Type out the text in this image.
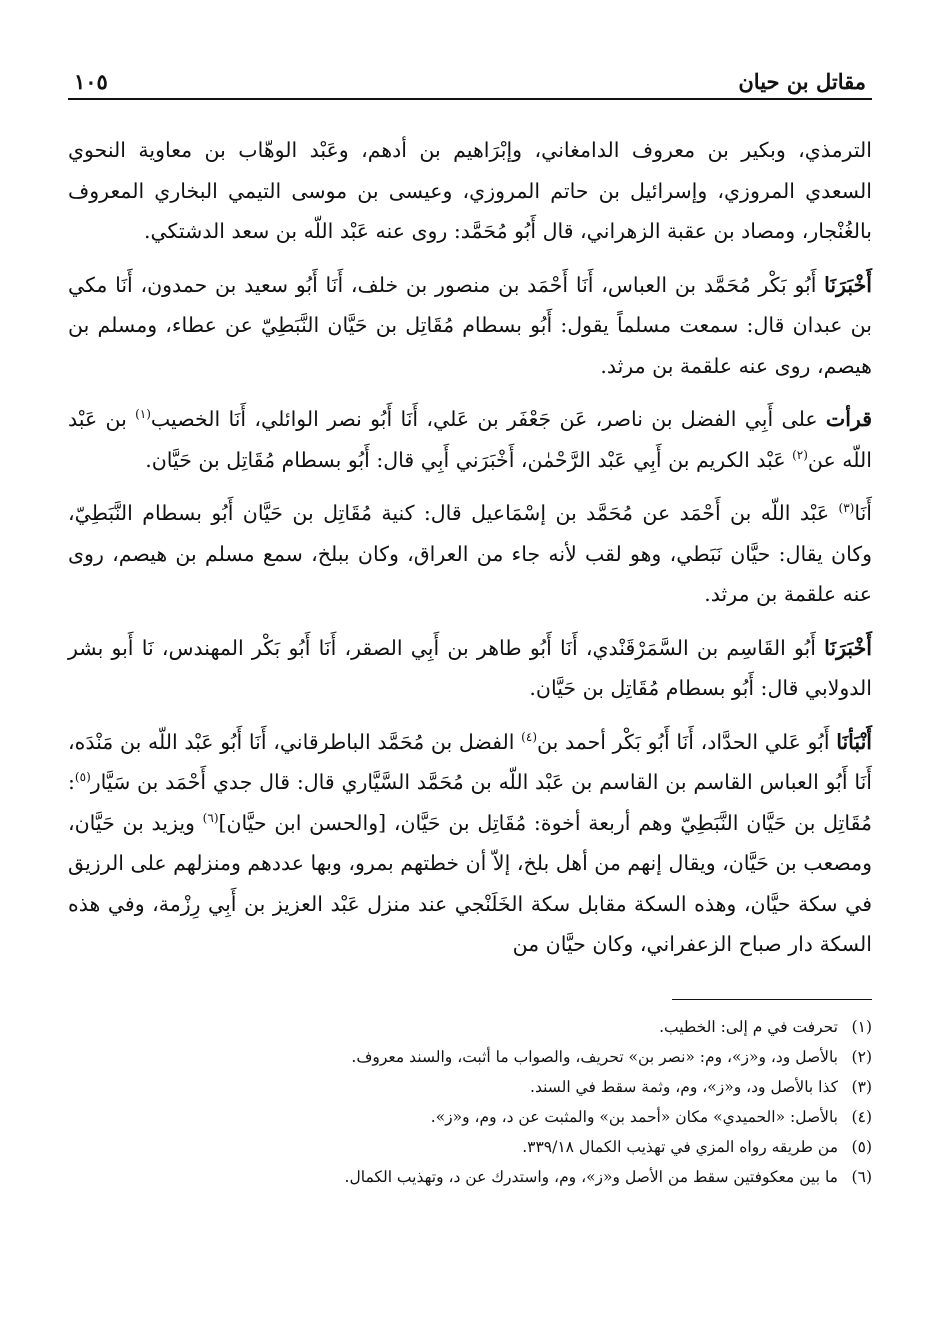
مقاتل بن حيان
١٠٥

الترمذي، وبكير بن معروف الدامغاني، وإبْرَاهيم بن أدهم، وعَبْد الوهّاب بن معاوية النحوي السعدي المروزي، وإسرائيل بن حاتم المروزي، وعيسى بن موسى التيمي البخاري المعروف بالغُنْجار، ومصاد بن عقبة الزهراني، قال أَبُو مُحَمَّد: روى عنه عَبْد اللّه بن سعد الدشتكي.

أَخْبَرَنَا أَبُو بَكْر مُحَمَّد بن العباس، أَنَا أَحْمَد بن منصور بن خلف، أَنَا أَبُو سعيد بن حمدون، أَنَا مكي بن عبدان قال: سمعت مسلماً يقول: أَبُو بسطام مُقَاتِل بن حَيَّان النَّبَطِيّ عن عطاء، ومسلم بن هيصم، روى عنه علقمة بن مرثد.

قرأت على أَبِي الفضل بن ناصر، عَن جَعْفَر بن عَلي، أَنَا أَبُو نصر الوائلي، أَنَا الخصيب$^{(١)}$ بن عَبْد اللّه عن$^{(٢)}$ عَبْد الكريم بن أَبِي عَبْد الرَّحْمٰن، أَخْبَرَني أَبِي قال: أَبُو بسطام مُقَاتِل بن حَيَّان.

أَنَا$^{(٣)}$ عَبْد اللّه بن أَحْمَد عن مُحَمَّد بن إسْمَاعيل قال: كنية مُقَاتِل بن حَيَّان أَبُو بسطام النَّبَطِيّ، وكان يقال: حيَّان نَبَطي، وهو لقب لأنه جاء من العراق، وكان ببلخ، سمع مسلم بن هيصم، روى عنه علقمة بن مرثد.

أَخْبَرَنَا أَبُو القَاسِم بن السَّمَرْقَنْدي، أَنَا أَبُو طاهر بن أَبِي الصقر، أَنَا أَبُو بَكْر المهندس، نَا أَبو بشر الدولابي قال: أَبُو بسطام مُقَاتِل بن حَيَّان.

أَنْبَأنَا أَبُو عَلي الحدَّاد، أَنَا أَبُو بَكْر أحمد بن$^{(٤)}$ الفضل بن مُحَمَّد الباطرقاني، أَنَا أَبُو عَبْد اللّه بن مَنْدَه، أَنَا أَبُو العباس القاسم بن القاسم بن عَبْد اللّه بن مُحَمَّد السَّيَّاري قال: قال جدي أَحْمَد بن سَيَّار$^{(٥)}$: مُقَاتِل بن حَيَّان النَّبَطِيّ وهم أربعة أخوة: مُقَاتِل بن حَيَّان، [والحسن ابن حيَّان]$^{(٦)}$ ويزيد بن حَيَّان، ومصعب بن حَيَّان، ويقال إنهم من أهل بلخ، إلاّ أن خطتهم بمرو، وبها عددهم ومنزلهم على الرزيق في سكة حيَّان، وهذه السكة مقابل سكة الخَلَنْجي عند منزل عَبْد العزيز بن أَبِي رِزْمة، وفي هذه السكة دار صباح الزعفراني، وكان حيَّان من

(١)
تحرفت في م إلى: الخطيب.
(٢)
بالأصل ود، و«ز»، وم: «نصر بن» تحريف، والصواب ما أثبت، والسند معروف.
(٣)
كذا بالأصل ود، و«ز»، وم، وثمة سقط في السند.
(٤)
بالأصل: «الحميدي» مكان «أحمد بن» والمثبت عن د، وم، و«ز».
(٥)
من طريقه رواه المزي في تهذيب الكمال ٣٣٩/١٨.
(٦)
ما بين معكوفتين سقط من الأصل و«ز»، وم، واستدرك عن د، وتهذيب الكمال.
